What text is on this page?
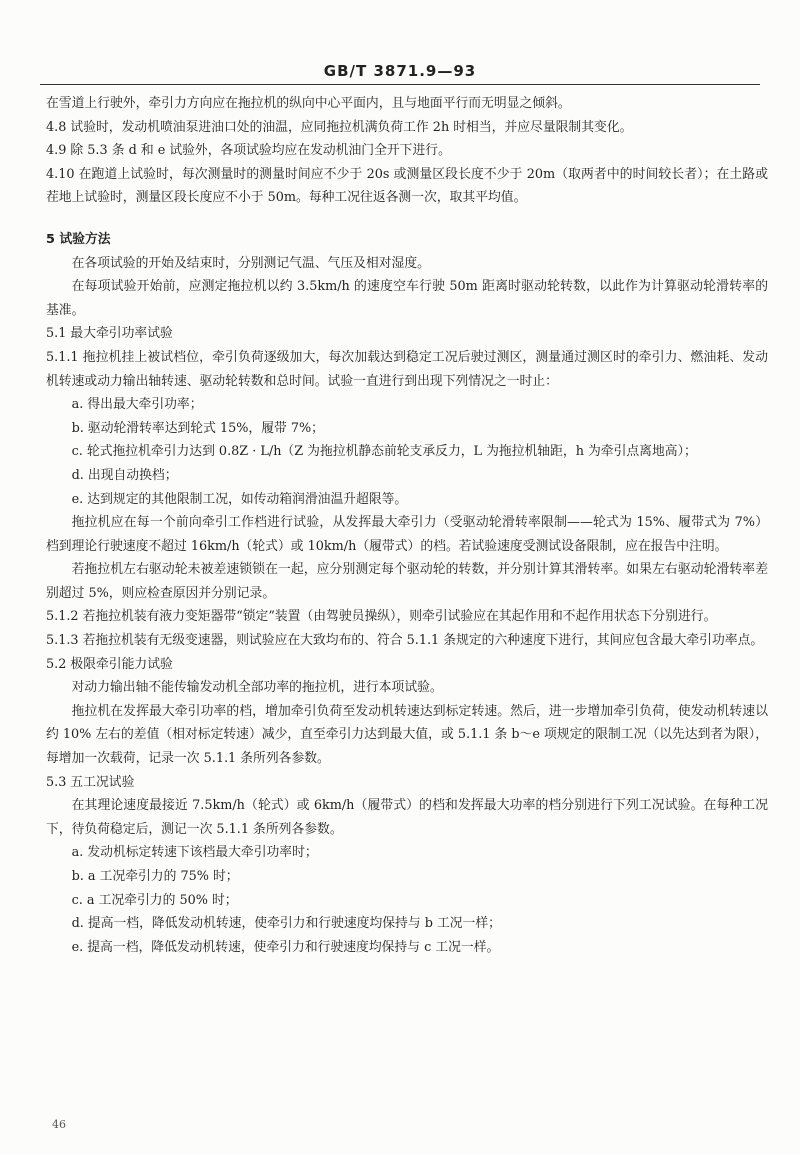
GB/T 3871.9—93

在雪道上行驶外，牵引力方向应在拖拉机的纵向中心平面内，且与地面平行而无明显之倾斜。

4.8 试验时，发动机喷油泵进油口处的油温，应同拖拉机满负荷工作 2h 时相当，并应尽量限制其变化。

4.9 除 5.3 条 d 和 e 试验外，各项试验均应在发动机油门全开下进行。

4.10 在跑道上试验时，每次测量时的测量时间应不少于 20s 或测量区段长度不少于 20m（取两者中的时间较长者）；在土路或茬地上试验时，测量区段长度应不小于 50m。每种工况往返各测一次，取其平均值。

5 试验方法

在各项试验的开始及结束时，分别测记气温、气压及相对湿度。

在每项试验开始前，应测定拖拉机以约 3.5km/h 的速度空车行驶 50m 距离时驱动轮转数，以此作为计算驱动轮滑转率的基准。

5.1 最大牵引功率试验

5.1.1 拖拉机挂上被试档位，牵引负荷逐级加大，每次加载达到稳定工况后驶过测区，测量通过测区时的牵引力、燃油耗、发动机转速或动力输出轴转速、驱动轮转数和总时间。试验一直进行到出现下列情况之一时止：

a. 得出最大牵引功率；

b. 驱动轮滑转率达到轮式 15%，履带 7%；

c. 轮式拖拉机牵引力达到 0.8Z · L/h（Z 为拖拉机静态前轮支承反力，L 为拖拉机轴距，h 为牵引点离地高）；

d. 出现自动换档；

e. 达到规定的其他限制工况，如传动箱润滑油温升超限等。

拖拉机应在每一个前向牵引工作档进行试验，从发挥最大牵引力（受驱动轮滑转率限制——轮式为 15%、履带式为 7%）档到理论行驶速度不超过 16km/h（轮式）或 10km/h（履带式）的档。若试验速度受测试设备限制，应在报告中注明。

若拖拉机左右驱动轮未被差速锁锁在一起，应分别测定每个驱动轮的转数，并分别计算其滑转率。如果左右驱动轮滑转率差别超过 5%，则应检查原因并分别记录。

5.1.2 若拖拉机装有液力变矩器带“锁定”装置（由驾驶员操纵），则牵引试验应在其起作用和不起作用状态下分别进行。

5.1.3 若拖拉机装有无级变速器，则试验应在大致均布的、符合 5.1.1 条规定的六种速度下进行，其间应包含最大牵引功率点。

5.2 极限牵引能力试验

对动力输出轴不能传输发动机全部功率的拖拉机，进行本项试验。

拖拉机在发挥最大牵引功率的档，增加牵引负荷至发动机转速达到标定转速。然后，进一步增加牵引负荷，使发动机转速以约 10% 左右的差值（相对标定转速）减少，直至牵引力达到最大值，或 5.1.1 条 b～e 项规定的限制工况（以先达到者为限），每增加一次载荷，记录一次 5.1.1 条所列各参数。

5.3 五工况试验

在其理论速度最接近 7.5km/h（轮式）或 6km/h（履带式）的档和发挥最大功率的档分别进行下列工况试验。在每种工况下，待负荷稳定后，测记一次 5.1.1 条所列各参数。

a. 发动机标定转速下该档最大牵引功率时；

b. a 工况牵引力的 75% 时；

c. a 工况牵引力的 50% 时；

d. 提高一档，降低发动机转速，使牵引力和行驶速度均保持与 b 工况一样；

e. 提高一档，降低发动机转速，使牵引力和行驶速度均保持与 c 工况一样。

46
